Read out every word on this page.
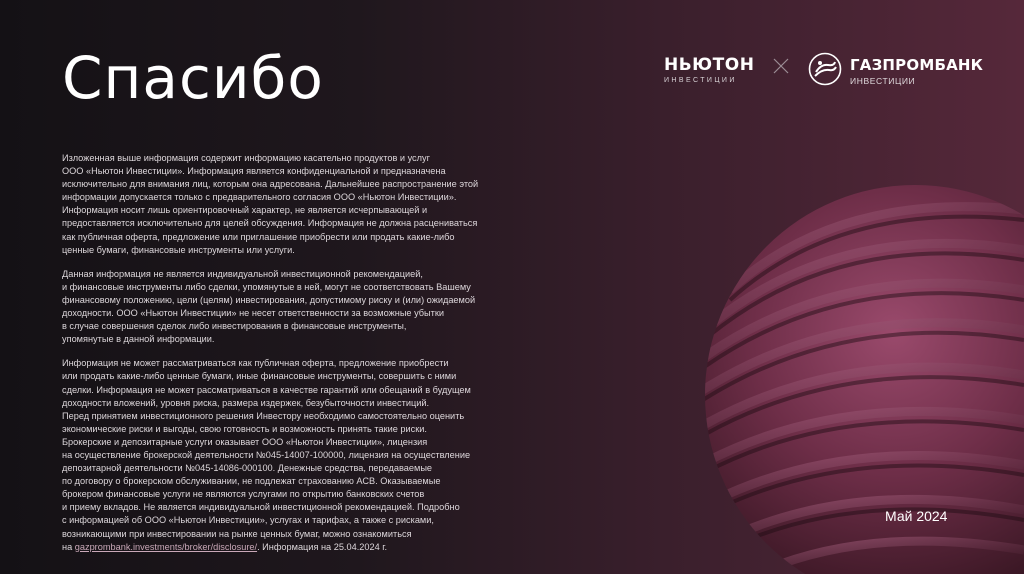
Спасибо	НЬЮТОН
ИНВЕСТИЦИИ
ГАЗПРОМБАНК
ИНВЕСТИЦИИ

Изложенная выше информация содержит информацию касательно продуктов и услуг
ООО «Ньютон Инвестиции». Информация является конфиденциальной и предназначена
исключительно для внимания лиц, которым она адресована. Дальнейшее распространение этой
информации допускается только с предварительного согласия ООО «Ньютон Инвестиции».
Информация носит лишь ориентировочный характер, не является исчерпывающей и
предоставляется исключительно для целей обсуждения. Информация не должна расцениваться
как публичная оферта, предложение или приглашение приобрести или продать какие-либо
ценные бумаги, финансовые инструменты или услуги.

Данная информация не является индивидуальной инвестиционной рекомендацией,
и финансовые инструменты либо сделки, упомянутые в ней, могут не соответствовать Вашему
финансовому положению, цели (целям) инвестирования, допустимому риску и (или) ожидаемой
доходности. ООО «Ньютон Инвестиции» не несет ответственности за возможные убытки
в случае совершения сделок либо инвестирования в финансовые инструменты,
упомянутые в данной информации.

Информация не может рассматриваться как публичная оферта, предложение приобрести
или продать какие-либо ценные бумаги, иные финансовые инструменты, совершить с ними
сделки. Информация не может рассматриваться в качестве гарантий или обещаний в будущем
доходности вложений, уровня риска, размера издержек, безубыточности инвестиций.
Перед принятием инвестиционного решения Инвестору необходимо самостоятельно оценить
экономические риски и выгоды, свою готовность и возможность принять такие риски.
Брокерские и депозитарные услуги оказывает ООО «Ньютон Инвестиции», лицензия
на осуществление брокерской деятельности №045-14007-100000, лицензия на осуществление
депозитарной деятельности №045-14086-000100. Денежные средства, передаваемые
по договору о брокерском обслуживании, не подлежат страхованию АСВ. Оказываемые
брокером финансовые услуги не являются услугами по открытию банковских счетов
и приему вкладов. Не является индивидуальной инвестиционной рекомендацией. Подробно
с информацией об ООО «Ньютон Инвестиции», услугах и тарифах, а также с рисками,
возникающими при инвестировании на рынке ценных бумаг, можно ознакомиться
на gazprombank.investments/broker/disclosure/. Информация на 25.04.2024 г.

Май 2024
